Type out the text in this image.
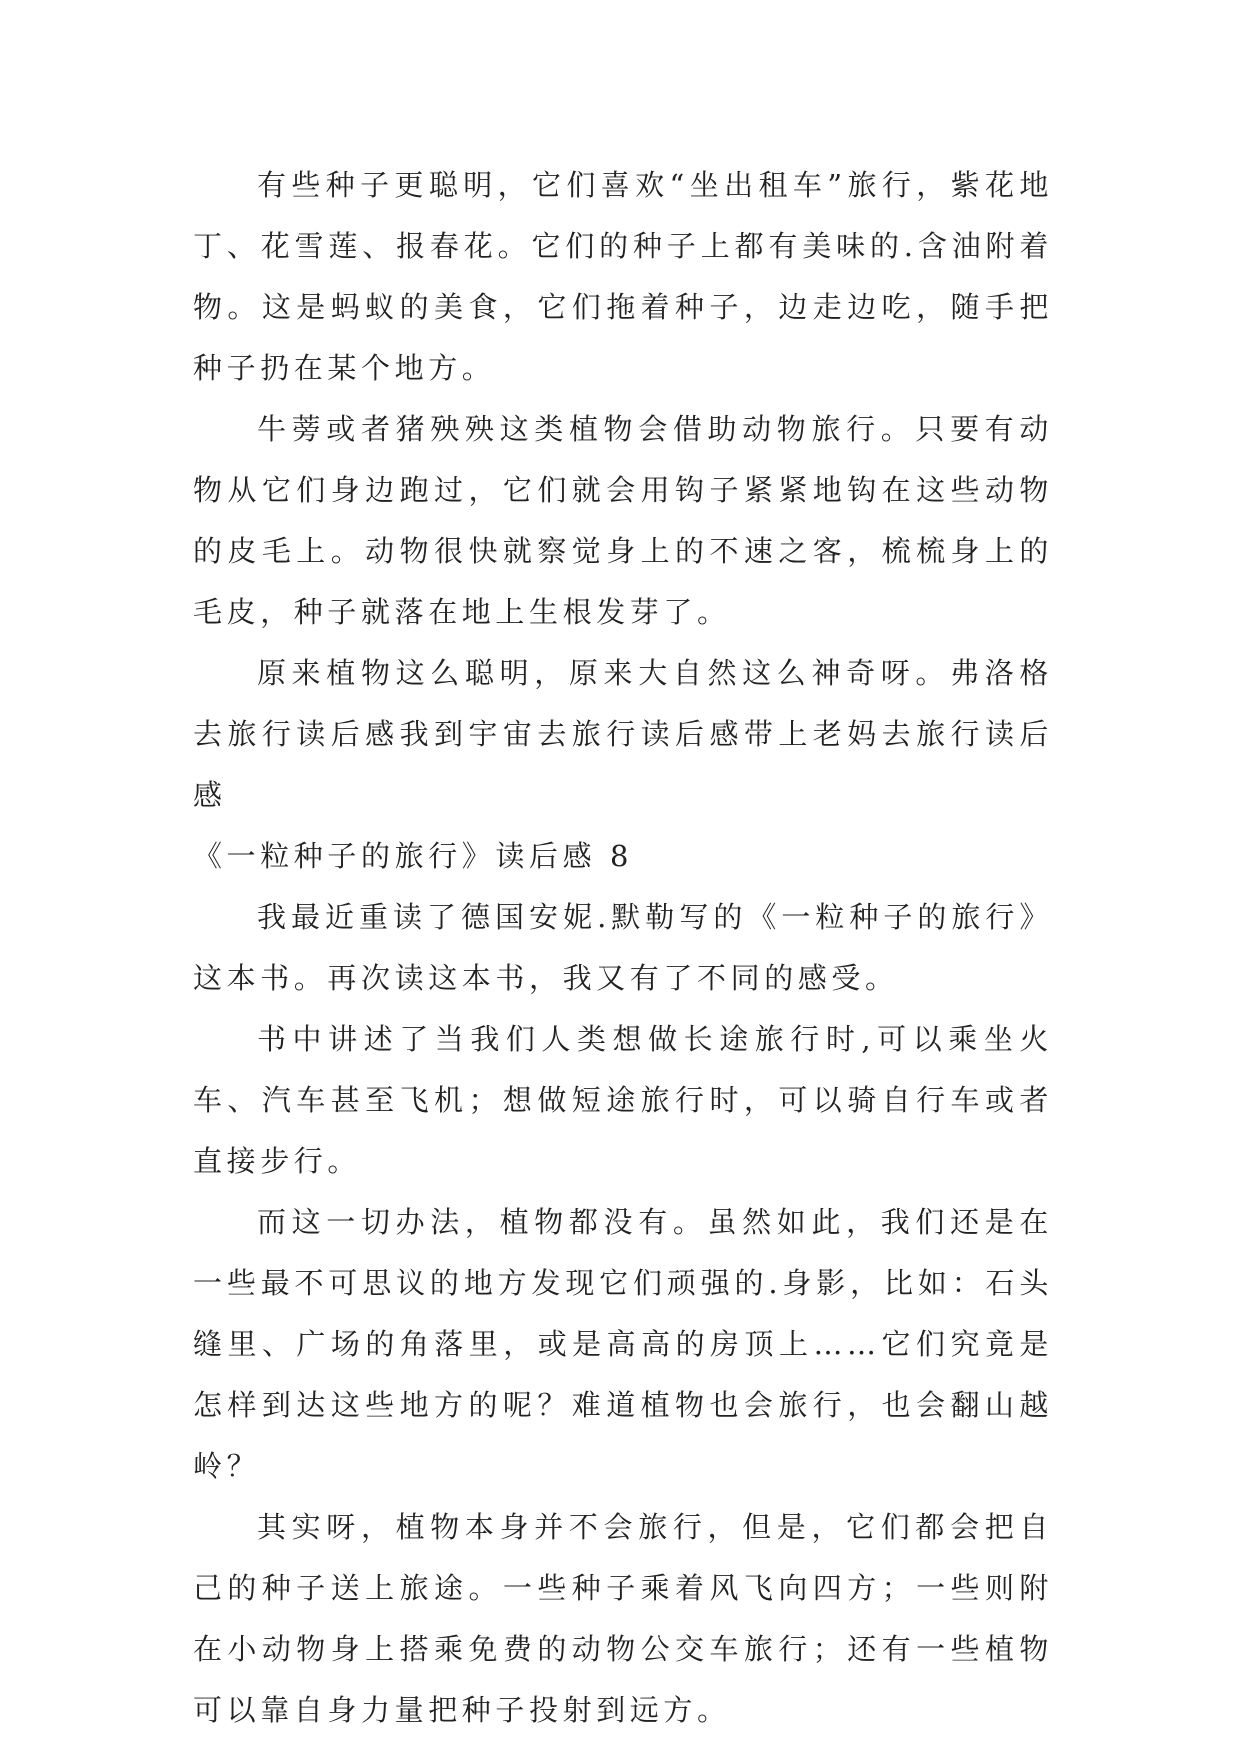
有些种子更聪明，它们喜欢“坐出租车”旅行，紫花地丁、花雪莲、报春花。它们的种子上都有美味的.含油附着物。这是蚂蚁的美食，它们拖着种子，边走边吃，随手把种子扔在某个地方。

牛蒡或者猪殃殃这类植物会借助动物旅行。只要有动物从它们身边跑过，它们就会用钩子紧紧地钩在这些动物的皮毛上。动物很快就察觉身上的不速之客，梳梳身上的毛皮，种子就落在地上生根发芽了。

原来植物这么聪明，原来大自然这么神奇呀。弗洛格去旅行读后感我到宇宙去旅行读后感带上老妈去旅行读后感

《一粒种子的旅行》读后感 8

我最近重读了德国安妮.默勒写的《一粒种子的旅行》这本书。再次读这本书，我又有了不同的感受。

书中讲述了当我们人类想做长途旅行时,可以乘坐火车、汽车甚至飞机；想做短途旅行时，可以骑自行车或者直接步行。

而这一切办法，植物都没有。虽然如此，我们还是在一些最不可思议的地方发现它们顽强的.身影，比如：石头缝里、广场的角落里，或是高高的房顶上……它们究竟是怎样到达这些地方的呢？难道植物也会旅行，也会翻山越岭？

其实呀，植物本身并不会旅行，但是，它们都会把自己的种子送上旅途。一些种子乘着风飞向四方；一些则附在小动物身上搭乘免费的动物公交车旅行；还有一些植物可以靠自身力量把种子投射到远方。
